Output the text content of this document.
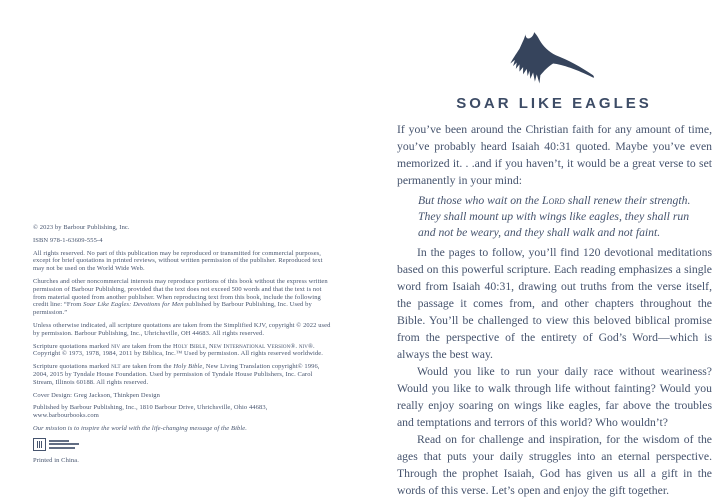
© 2023 by Barbour Publishing, Inc.

ISBN 978-1-63609-555-4

All rights reserved. No part of this publication may be reproduced or transmitted for commercial purposes, except for brief quotations in printed reviews, without written permission of the publisher. Reproduced text may not be used on the World Wide Web.

Churches and other noncommercial interests may reproduce portions of this book without the express written permission of Barbour Publishing, provided that the text does not exceed 500 words and that the text is not from material quoted from another publisher. When reproducing text from this book, include the following credit line: “From Soar Like Eagles: Devotions for Men published by Barbour Publishing, Inc. Used by permission.”

Unless otherwise indicated, all scripture quotations are taken from the Simplified KJV, copyright © 2022 used by permission. Barbour Publishing, Inc., Uhrichsville, OH 44683. All rights reserved.

Scripture quotations marked niv are taken from the Holy Bible, New International Version®. niv®. Copyright © 1973, 1978, 1984, 2011 by Biblica, Inc.™ Used by permission. All rights reserved worldwide.

Scripture quotations marked nlt are taken from the Holy Bible, New Living Translation copyright© 1996, 2004, 2015 by Tyndale House Foundation. Used by permission of Tyndale House Publishers, Inc. Carol Stream, Illinois 60188. All rights reserved.

Cover Design: Greg Jackson, Thinkpen Design

Published by Barbour Publishing, Inc., 1810 Barbour Drive, Uhrichsville, Ohio 44683, www.barbourbooks.com

Our mission is to inspire the world with the life-changing message of the Bible.

Printed in China.

SOAR LIKE EAGLES

If you’ve been around the Christian faith for any amount of time, you’ve probably heard Isaiah 40:31 quoted. Maybe you’ve even memorized it. . .and if you haven’t, it would be a great verse to set permanently in your mind:

But those who wait on the Lord shall renew their strength. They shall mount up with wings like eagles, they shall run and not be weary, and they shall walk and not faint.

In the pages to follow, you’ll find 120 devotional meditations based on this powerful scripture. Each reading emphasizes a single word from Isaiah 40:31, drawing out truths from the verse itself, the passage it comes from, and other chapters throughout the Bible. You’ll be challenged to view this beloved biblical promise from the perspective of the entirety of God’s Word—which is always the best way.

Would you like to run your daily race without weariness? Would you like to walk through life without fainting? Would you really enjoy soaring on wings like eagles, far above the troubles and temptations and terrors of this world? Who wouldn’t?

Read on for challenge and inspiration, for the wisdom of the ages that puts your daily struggles into an eternal perspective. Through the prophet Isaiah, God has given us all a gift in the words of this verse. Let’s open and enjoy the gift together.
